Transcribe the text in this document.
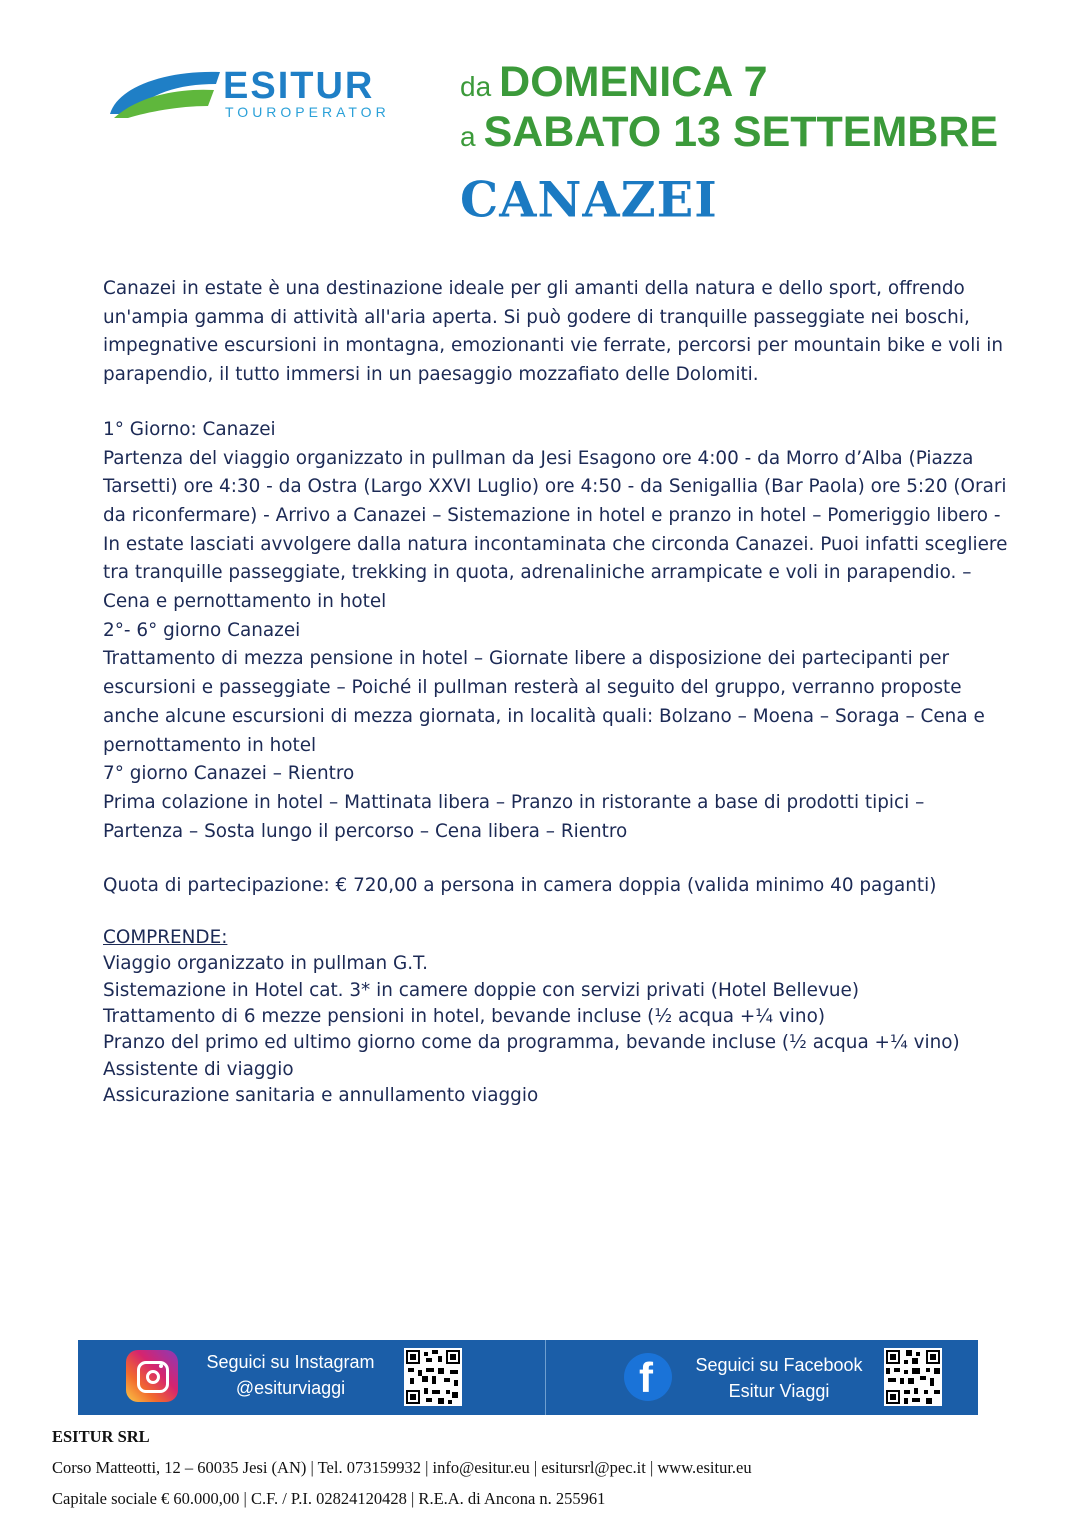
ESITUR
TOUROPERATOR
da DOMENICA 7
a SABATO 13 SETTEMBRE
CANAZEI

Canazei in estate è una destinazione ideale per gli amanti della natura e dello sport, offrendo un'ampia gamma di attività all'aria aperta. Si può godere di tranquille passeggiate nei boschi, impegnative escursioni in montagna, emozionanti vie ferrate, percorsi per mountain bike e voli in parapendio, il tutto immersi in un paesaggio mozzafiato delle Dolomiti.

1° Giorno: Canazei

Partenza del viaggio organizzato in pullman da Jesi Esagono ore 4:00 - da Morro d’Alba (Piazza Tarsetti) ore 4:30 - da Ostra (Largo XXVI Luglio) ore 4:50 - da Senigallia (Bar Paola) ore 5:20 (Orari da riconfermare) - Arrivo a Canazei – Sistemazione in hotel e pranzo in hotel – Pomeriggio libero - In estate lasciati avvolgere dalla natura incontaminata che circonda Canazei. Puoi infatti scegliere tra tranquille passeggiate, trekking in quota, adrenaliniche arrampicate e voli in parapendio. – Cena e pernottamento in hotel

2°- 6° giorno Canazei

Trattamento di mezza pensione in hotel – Giornate libere a disposizione dei partecipanti per escursioni e passeggiate – Poiché il pullman resterà al seguito del gruppo, verranno proposte anche alcune escursioni di mezza giornata, in località quali: Bolzano – Moena – Soraga – Cena e pernottamento in hotel

7° giorno Canazei – Rientro

Prima colazione in hotel – Mattinata libera – Pranzo in ristorante a base di prodotti tipici – Partenza – Sosta lungo il percorso – Cena libera – Rientro

Quota di partecipazione: € 720,00 a persona in camera doppia (valida minimo 40 paganti)

COMPRENDE:

Viaggio organizzato in pullman G.T.

Sistemazione in Hotel cat. 3* in camere doppie con servizi privati (Hotel Bellevue)

Trattamento di 6 mezze pensioni in hotel, bevande incluse (½ acqua +¼ vino)

Pranzo del primo ed ultimo giorno come da programma, bevande incluse (½ acqua +¼ vino)

Assistente di viaggio

Assicurazione sanitaria e annullamento viaggio

Seguici su Instagram
@esiturviaggi	f	Seguici su Facebook
Esitur Viaggi
ESITUR SRL
Corso Matteotti, 12 – 60035 Jesi (AN) | Tel. 073159932 | info@esitur.eu | esitursrl@pec.it | www.esitur.eu
Capitale sociale € 60.000,00 | C.F. / P.I. 02824120428 | R.E.A. di Ancona n. 255961
